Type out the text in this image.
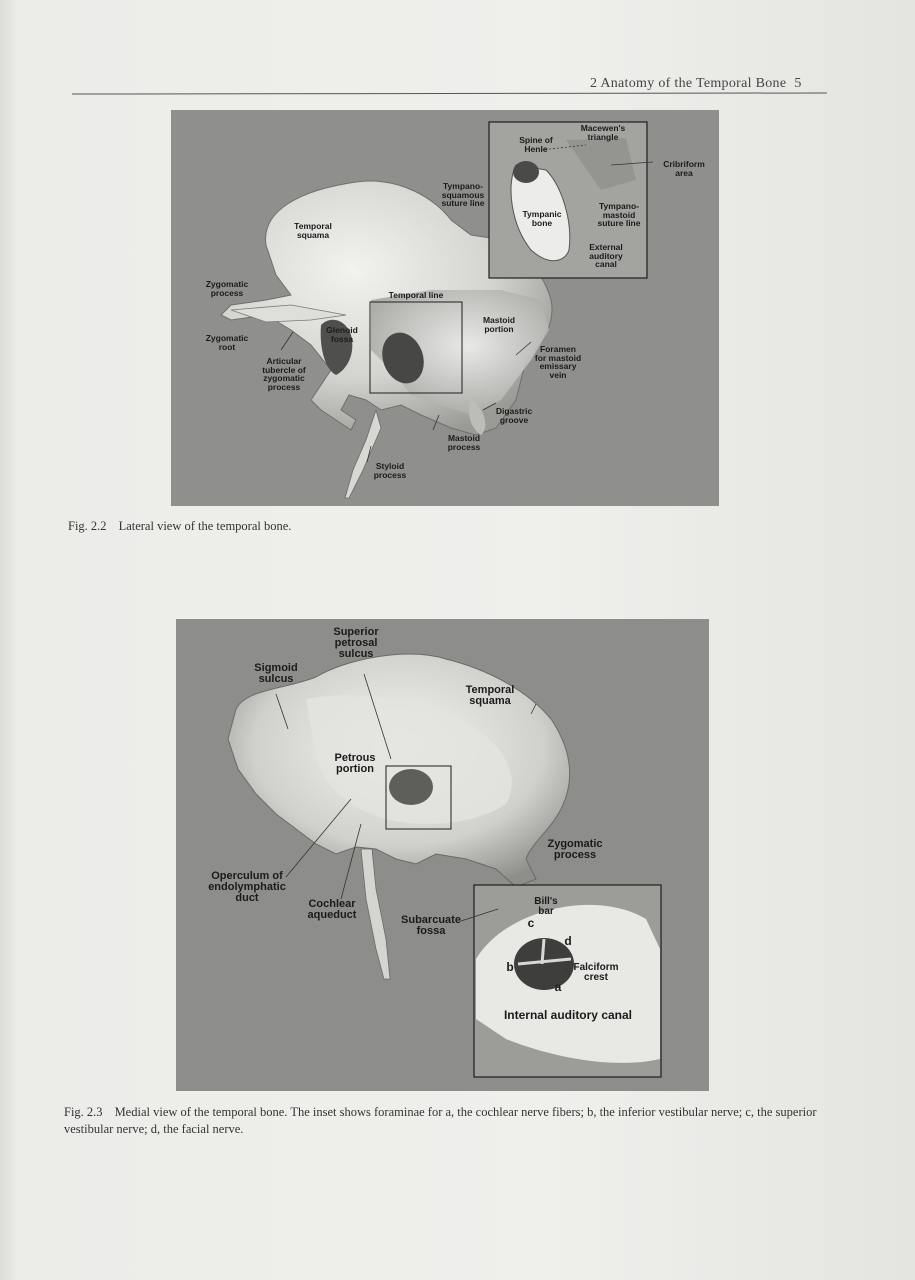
2 Anatomy of the Temporal Bone 5
Macewen's
triangle
Spine of
Henle
Cribriform
area
Tympano-
squamous
suture line
Tympanic
bone
Tympano-
mastoid
suture line
External
auditory
canal
Temporal
squama
Zygomatic
process	Temporal line
Mastoid
portion
Zygomatic
root
Glenoid
fossa
Foramen
for mastoid
emissary
vein
Articular
tubercle of
zygomatic
process
Digastric
groove
Mastoid
process
Styloid
process
Fig. 2.2 Lateral view of the temporal bone.
Superior
petrosal
sulcus
Sigmoid
sulcus
Temporal
squama
Petrous
portion
Zygomatic
process
Operculum of
endolymphatic
duct	Cochlear
aqueduct	Subarcuate
fossa
Bill's
bar
Falciform
crest
Internal auditory canal
a
b
c
d
~
Fig. 2.3 Medial view of the temporal bone. The inset shows foraminae for a, the cochlear nerve fibers; b, the inferior vestibular nerve; c, the superior vestibular nerve; d, the facial nerve.
